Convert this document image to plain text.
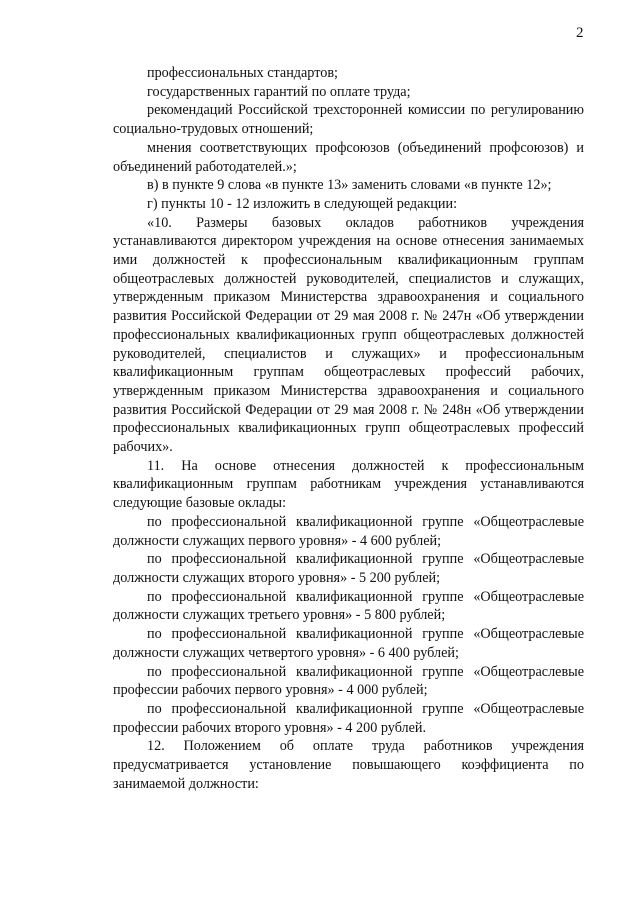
2

профессиональных стандартов;

государственных гарантий по оплате труда;

рекомендаций Российской трехсторонней комиссии по регулированию социально-трудовых отношений;

мнения соответствующих профсоюзов (объединений профсоюзов) и объединений работодателей.»;

в) в пункте 9 слова «в пункте 13» заменить словами «в пункте 12»;

г) пункты 10 - 12 изложить в следующей редакции:

«10. Размеры базовых окладов работников учреждения устанавливаются директором учреждения на основе отнесения занимаемых ими должностей к профессиональным квалификационным группам общеотраслевых должностей руководителей, специалистов и служащих, утвержденным приказом Министерства здравоохранения и социального развития Российской Федерации от 29 мая 2008 г. № 247н «Об утверждении профессиональных квалификационных групп общеотраслевых должностей руководителей, специалистов и служащих» и профессиональным квалификационным группам общеотраслевых профессий рабочих, утвержденным приказом Министерства здравоохранения и социального развития Российской Федерации от 29 мая 2008 г. № 248н «Об утверждении профессиональных квалификационных групп общеотраслевых профессий рабочих».

11. На основе отнесения должностей к профессиональным квалификационным группам работникам учреждения устанавливаются следующие базовые оклады:

по профессиональной квалификационной группе «Общеотраслевые должности служащих первого уровня» - 4 600 рублей;

по профессиональной квалификационной группе «Общеотраслевые должности служащих второго уровня» - 5 200 рублей;

по профессиональной квалификационной группе «Общеотраслевые должности служащих третьего уровня» - 5 800 рублей;

по профессиональной квалификационной группе «Общеотраслевые должности служащих четвертого уровня» - 6 400 рублей;

по профессиональной квалификационной группе «Общеотраслевые профессии рабочих первого уровня» - 4 000 рублей;

по профессиональной квалификационной группе «Общеотраслевые профессии рабочих второго уровня» - 4 200 рублей.

12. Положением об оплате труда работников учреждения предусматривается установление повышающего коэффициента по занимаемой должности:
